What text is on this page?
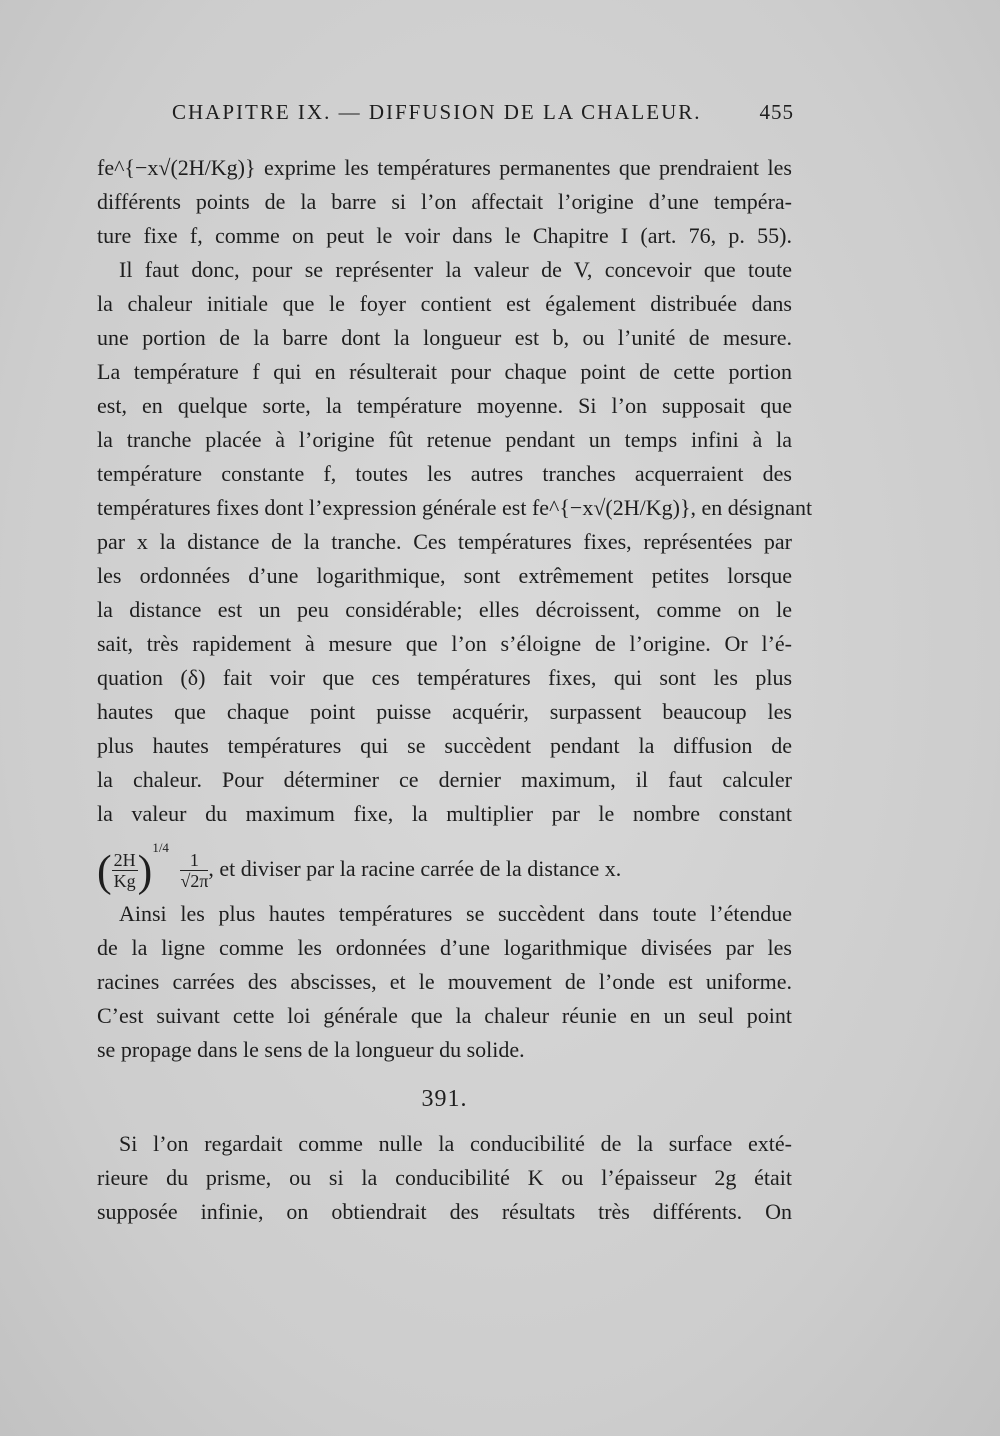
CHAPITRE IX. — DIFFUSION DE LA CHALEUR.	455
fe^{−x√(2H/Kg)} exprime les températures permanentes que prendraient les
différents points de la barre si l’on affectait l’origine d’une tempéra-
ture fixe f, comme on peut le voir dans le Chapitre I (art. 76, p. 55).
Il faut donc, pour se représenter la valeur de V, concevoir que toute
la chaleur initiale que le foyer contient est également distribuée dans
une portion de la barre dont la longueur est b, ou l’unité de mesure.
La température f qui en résulterait pour chaque point de cette portion
est, en quelque sorte, la température moyenne. Si l’on supposait que
la tranche placée à l’origine fût retenue pendant un temps infini à la
température constante f, toutes les autres tranches acquerraient des
températures fixes dont l’expression générale est fe^{−x√(2H/Kg)}, en désignant
par x la distance de la tranche. Ces températures fixes, représentées par
les ordonnées d’une logarithmique, sont extrêmement petites lorsque
la distance est un peu considérable; elles décroissent, comme on le
sait, très rapidement à mesure que l’on s’éloigne de l’origine. Or l’é-
quation (δ) fait voir que ces températures fixes, qui sont les plus
hautes que chaque point puisse acquérir, surpassent beaucoup les
plus hautes températures qui se succèdent pendant la diffusion de
la chaleur. Pour déterminer ce dernier maximum, il faut calculer
la valeur du maximum fixe, la multiplier par le nombre constant
( $\frac{2H}{Kg} )^{1/4}$
$\frac{1}{√2\pi}$ , et diviser par la racine carrée de la distance x.
Ainsi les plus hautes températures se succèdent dans toute l’étendue
de la ligne comme les ordonnées d’une logarithmique divisées par les
racines carrées des abscisses, et le mouvement de l’onde est uniforme.
C’est suivant cette loi générale que la chaleur réunie en un seul point
se propage dans le sens de la longueur du solide.
391.
Si l’on regardait comme nulle la conducibilité de la surface exté-
rieure du prisme, ou si la conducibilité K ou l’épaisseur 2g était
supposée infinie, on obtiendrait des résultats très différents. On
